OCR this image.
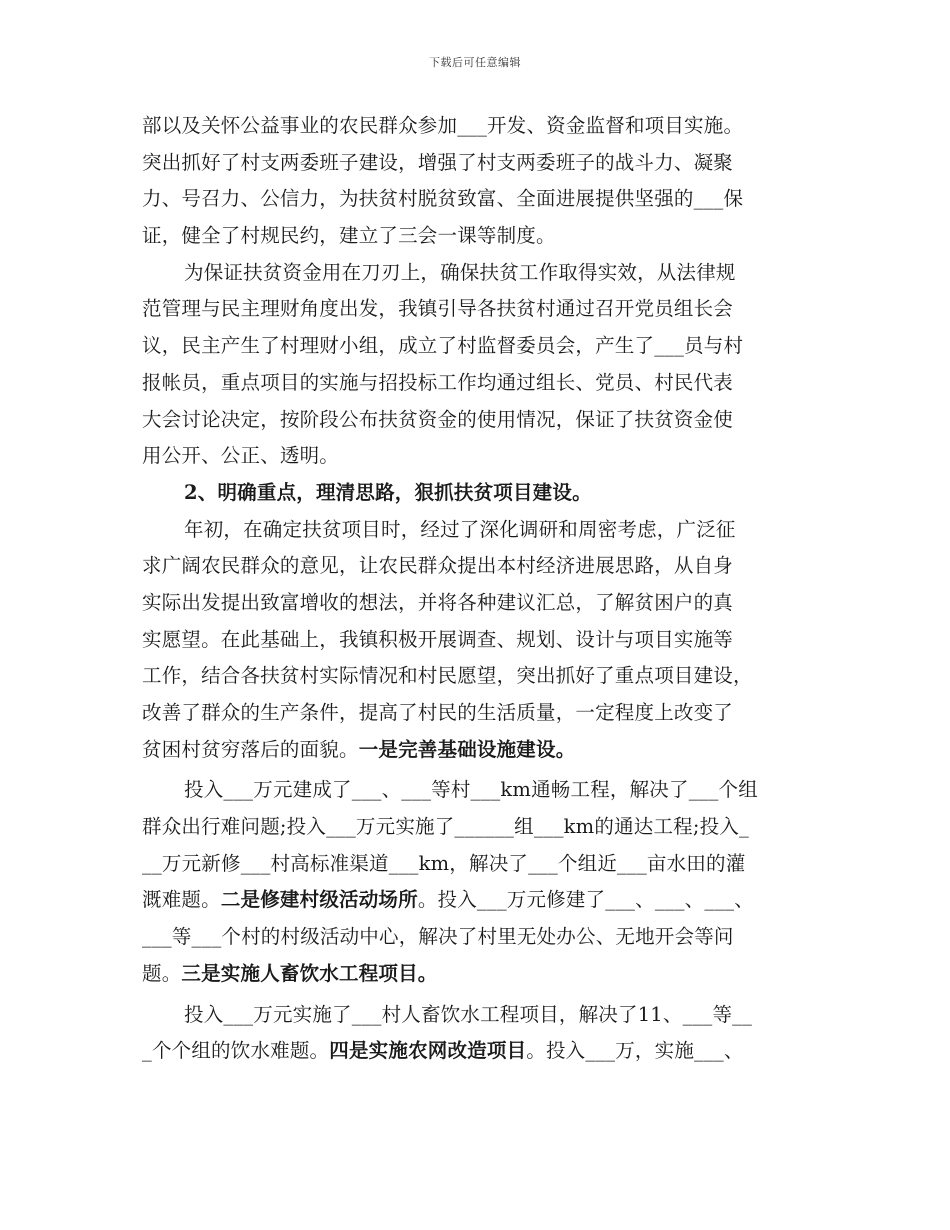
下载后可任意编辑
部以及关怀公益事业的农民群众参加___开发、资金监督和项目实施。
突出抓好了村支两委班子建设，增强了村支两委班子的战斗力、凝聚
力、号召力、公信力，为扶贫村脱贫致富、全面进展提供坚强的___保
证，健全了村规民约，建立了三会一课等制度。
为保证扶贫资金用在刀刃上，确保扶贫工作取得实效，从法律规
范管理与民主理财角度出发，我镇引导各扶贫村通过召开党员组长会
议，民主产生了村理财小组，成立了村监督委员会，产生了___员与村
报帐员，重点项目的实施与招投标工作均通过组长、党员、村民代表
大会讨论决定，按阶段公布扶贫资金的使用情况，保证了扶贫资金使
用公开、公正、透明。
2、明确重点，理清思路，狠抓扶贫项目建设。
年初，在确定扶贫项目时，经过了深化调研和周密考虑，广泛征
求广阔农民群众的意见，让农民群众提出本村经济进展思路，从自身
实际出发提出致富增收的想法，并将各种建议汇总，了解贫困户的真
实愿望。在此基础上，我镇积极开展调查、规划、设计与项目实施等
工作，结合各扶贫村实际情况和村民愿望，突出抓好了重点项目建设，
改善了群众的生产条件，提高了村民的生活质量，一定程度上改变了
贫困村贫穷落后的面貌。一是完善基础设施建设。
投入___万元建成了___、___等村___km通畅工程，解决了___个组
群众出行难问题;投入___万元实施了______组___km的通达工程;投入_
__万元新修___村高标准渠道___km，解决了___个组近___亩水田的灌
溉难题。二是修建村级活动场所。投入___万元修建了___、___、___、
___等___个村的村级活动中心，解决了村里无处办公、无地开会等问
题。三是实施人畜饮水工程项目。
投入___万元实施了___村人畜饮水工程项目，解决了11、___等__
_个个组的饮水难题。四是实施农网改造项目。投入___万，实施___、
